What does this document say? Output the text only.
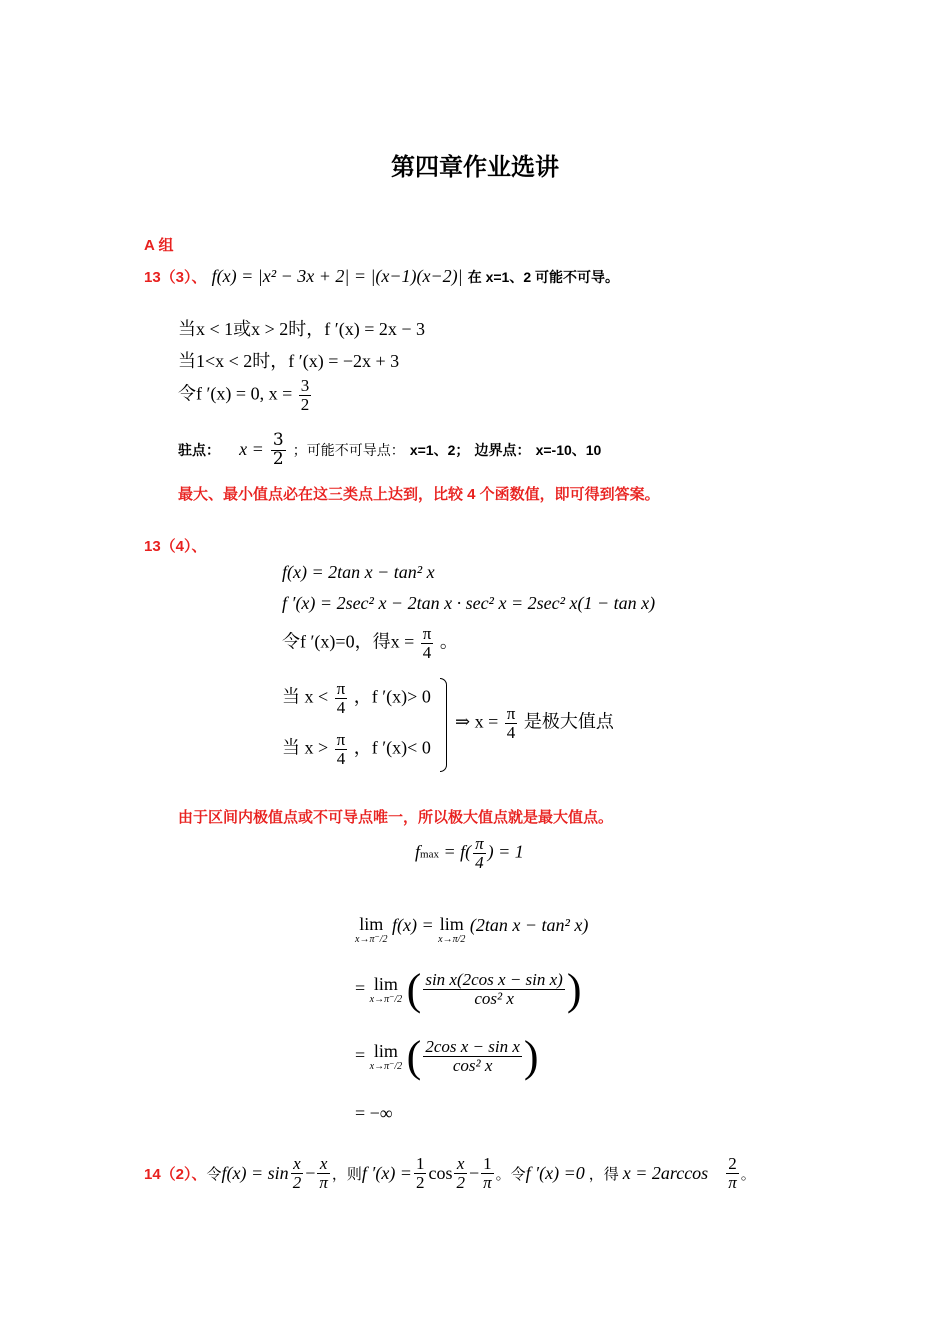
第四章作业选讲
A 组
13（3）、 f(x) = |x² − 3x + 2| = |(x−1)(x−2)| 在 x=1、2 可能不可导。
当x < 1或x > 2时，f ′(x) = 2x − 3
当1<x < 2时，f ′(x) = −2x + 3
令f ′(x) = 0, $x = \frac{3}{2}$
驻点： $x = \frac{3}{2}$ ；可能不可导点： x=1、2； 边界点： x=-10、10
最大、最小值点必在这三类点上达到，比较 4 个函数值，即可得到答案。
13（4）、
f(x) = 2tan x − tan² x
f ′(x) = 2sec² x − 2tan x · sec² x = 2sec² x(1 − tan x)
令f ′(x)=0，得$x = \frac{\pi}{4}$ 。
当 $x < \frac{\pi}{4}$ ，f ′(x)> 0
当 $x > \frac{\pi}{4}$ ，f ′(x)< 0
⇒ $x = \frac{\pi}{4}$ 是极大值点
由于区间内极值点或不可导点唯一，所以极大值点就是最大值点。
$fmax = f( \frac{\pi}{4}$ ) = 1
lim
x→π⁻/2
f(x) = lim
x→π/2
(2tan x − tan² x)
= lim
x→π⁻/2 ( $\frac{\text{sin x(2cos x − sin x)}}{\text{cos² x}}$ )
= lim
x→π⁻/2 ( $\frac{\text{2cos x − sin x}}{\text{cos² x}}$ )
= −∞
14（2）、 令 $f(x) = \sin \frac{x}{2} - \frac{x}{\pi}$ ，则 f $'(x) = \frac{1}{2}$ $\cos \frac{x}{2} - \frac{1}{\pi}$ 。令 f ′(x) =0 ，得 $x = 2\arccos \frac{2}{\pi}$ 。
